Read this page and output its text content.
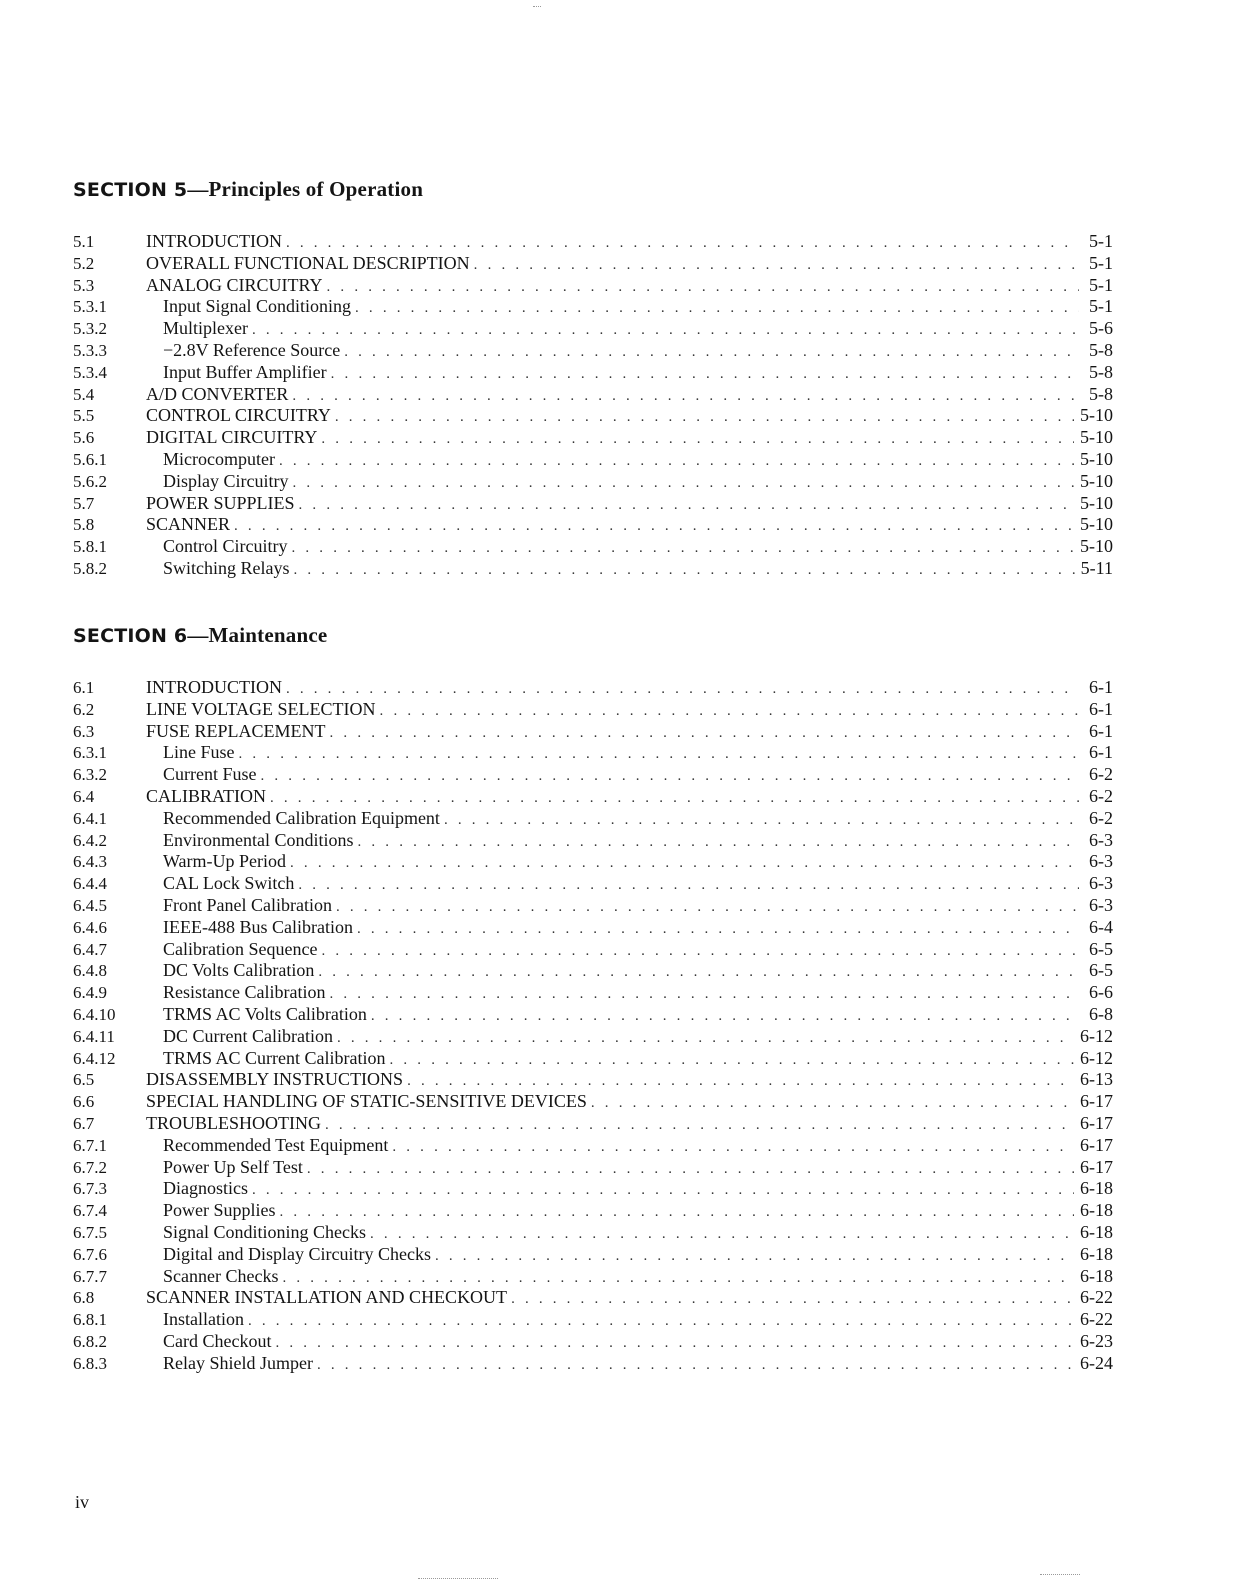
SECTION 5—Principles of Operation
5.1	INTRODUCTION . . .	5-1
5.2	OVERALL FUNCTIONAL DESCRIPTION . . .	5-1
5.3	ANALOG CIRCUITRY . . .	5-1
5.3.1	Input Signal Conditioning . . .	5-1
5.3.2	Multiplexer . . .	5-6
5.3.3	−2.8V Reference Source . . .	5-8
5.3.4	Input Buffer Amplifier . . .	5-8
5.4	A/D CONVERTER . . .	5-8
5.5	CONTROL CIRCUITRY . . .	5-10
5.6	DIGITAL CIRCUITRY . . .	5-10
5.6.1	Microcomputer . . .	5-10
5.6.2	Display Circuitry . . .	5-10
5.7	POWER SUPPLIES . . .	5-10
5.8	SCANNER . . .	5-10
5.8.1	Control Circuitry . . .	5-10
5.8.2	Switching Relays . . .	5-11
SECTION 6—Maintenance
6.1	INTRODUCTION . . .	6-1
6.2	LINE VOLTAGE SELECTION . . .	6-1
6.3	FUSE REPLACEMENT . . .	6-1
6.3.1	Line Fuse . . .	6-1
6.3.2	Current Fuse . . .	6-2
6.4	CALIBRATION . . .	6-2
6.4.1	Recommended Calibration Equipment . . .	6-2
6.4.2	Environmental Conditions . . .	6-3
6.4.3	Warm-Up Period . . .	6-3
6.4.4	CAL Lock Switch . . .	6-3
6.4.5	Front Panel Calibration . . .	6-3
6.4.6	IEEE-488 Bus Calibration . . .	6-4
6.4.7	Calibration Sequence . . .	6-5
6.4.8	DC Volts Calibration . . .	6-5
6.4.9	Resistance Calibration . . .	6-6
6.4.10	TRMS AC Volts Calibration . . .	6-8
6.4.11	DC Current Calibration . . .	6-12
6.4.12	TRMS AC Current Calibration . . .	6-12
6.5	DISASSEMBLY INSTRUCTIONS . . .	6-13
6.6	SPECIAL HANDLING OF STATIC-SENSITIVE DEVICES . . .	6-17
6.7	TROUBLESHOOTING . . .	6-17
6.7.1	Recommended Test Equipment . . .	6-17
6.7.2	Power Up Self Test . . .	6-17
6.7.3	Diagnostics . . .	6-18
6.7.4	Power Supplies . . .	6-18
6.7.5	Signal Conditioning Checks . . .	6-18
6.7.6	Digital and Display Circuitry Checks . . .	6-18
6.7.7	Scanner Checks . . .	6-18
6.8	SCANNER INSTALLATION AND CHECKOUT . . .	6-22
6.8.1	Installation . . .	6-22
6.8.2	Card Checkout . . .	6-23
6.8.3	Relay Shield Jumper . . .	6-24
iv
